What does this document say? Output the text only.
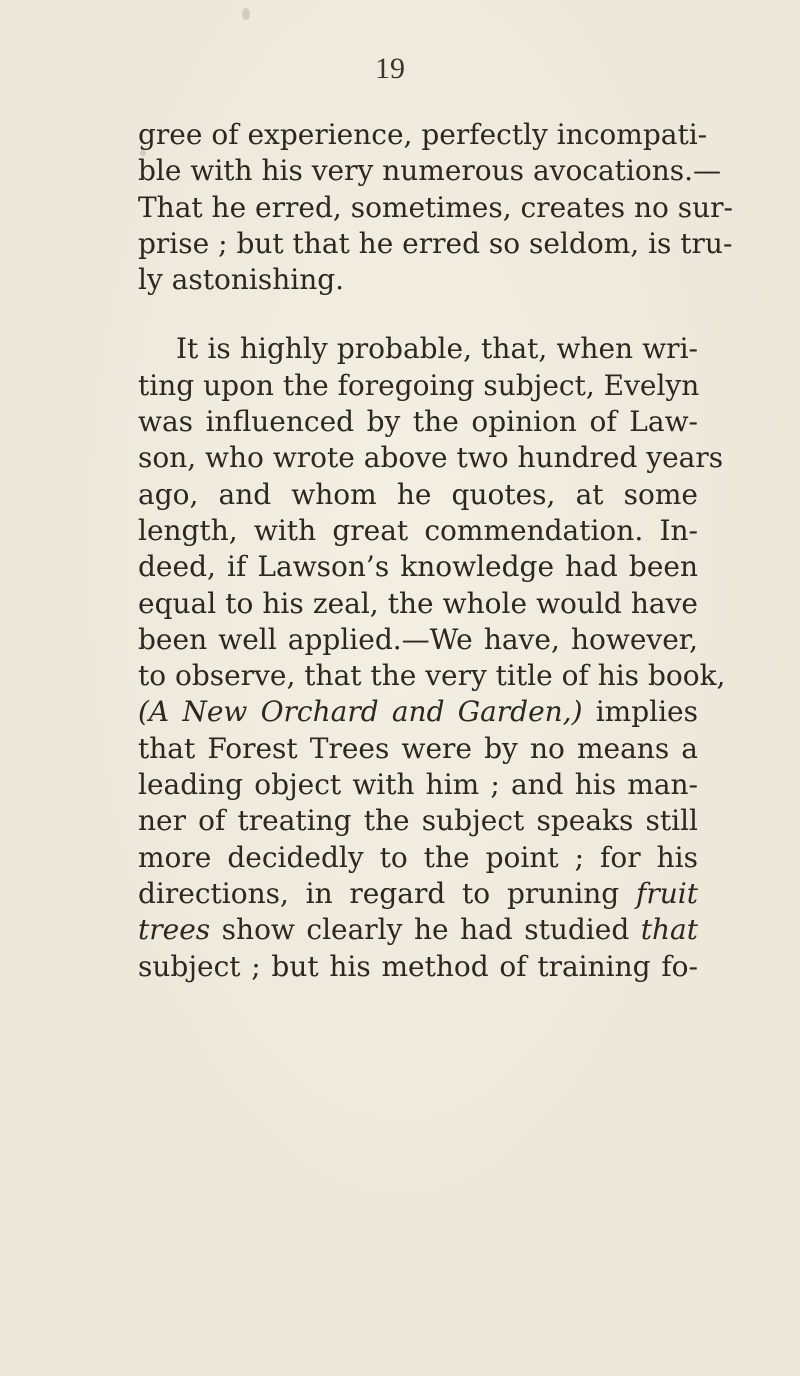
19
gree of experience, perfectly incompati-
ble with his very numerous avocations.—
That he erred, sometimes, creates no sur-
prise ; but that he erred so seldom, is tru-
ly astonishing.
It is highly probable, that, when wri-
ting upon the foregoing subject, Evelyn
was influenced by the opinion of Law-
son, who wrote above two hundred years
ago, and whom he quotes, at some
length, with great commendation. In-
deed, if Lawson’s knowledge had been
equal to his zeal, the whole would have
been well applied.—We have, however,
to observe, that the very title of his book,
(A New Orchard and Garden,) implies
that Forest Trees were by no means a
leading object with him ; and his man-
ner of treating the subject speaks still
more decidedly to the point ; for his
directions, in regard to pruning fruit
trees show clearly he had studied that
subject ; but his method of training fo-
